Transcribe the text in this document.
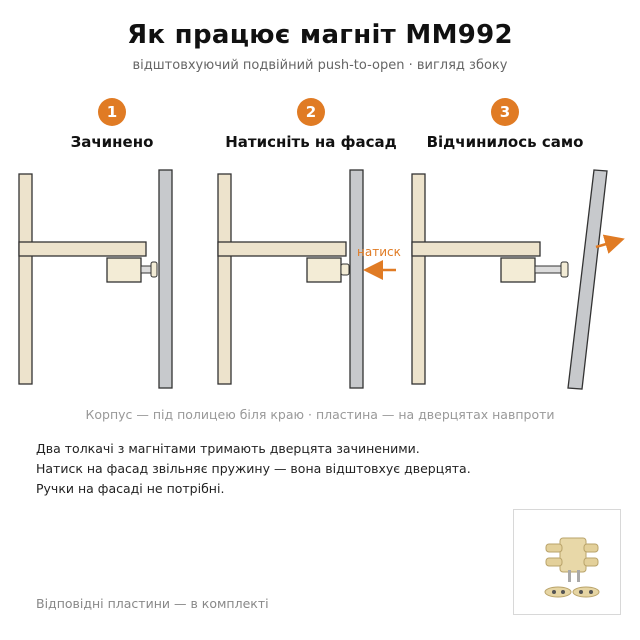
Як працює магніт MM992
відштовхуючий подвійний push-to-open · вигляд збоку
1
Зачинено
2
Натисніть на фасад
натиск
3
Відчинилось само
Корпус — під полицею біля краю · пластина — на дверцятах навпроти
Два толкачі з магнітами тримають дверцята зачиненими.
Натиск на фасад звільняє пружину — вона відштовхує дверцята.
Ручки на фасаді не потрібні.
Відповідні пластини — в комплекті
